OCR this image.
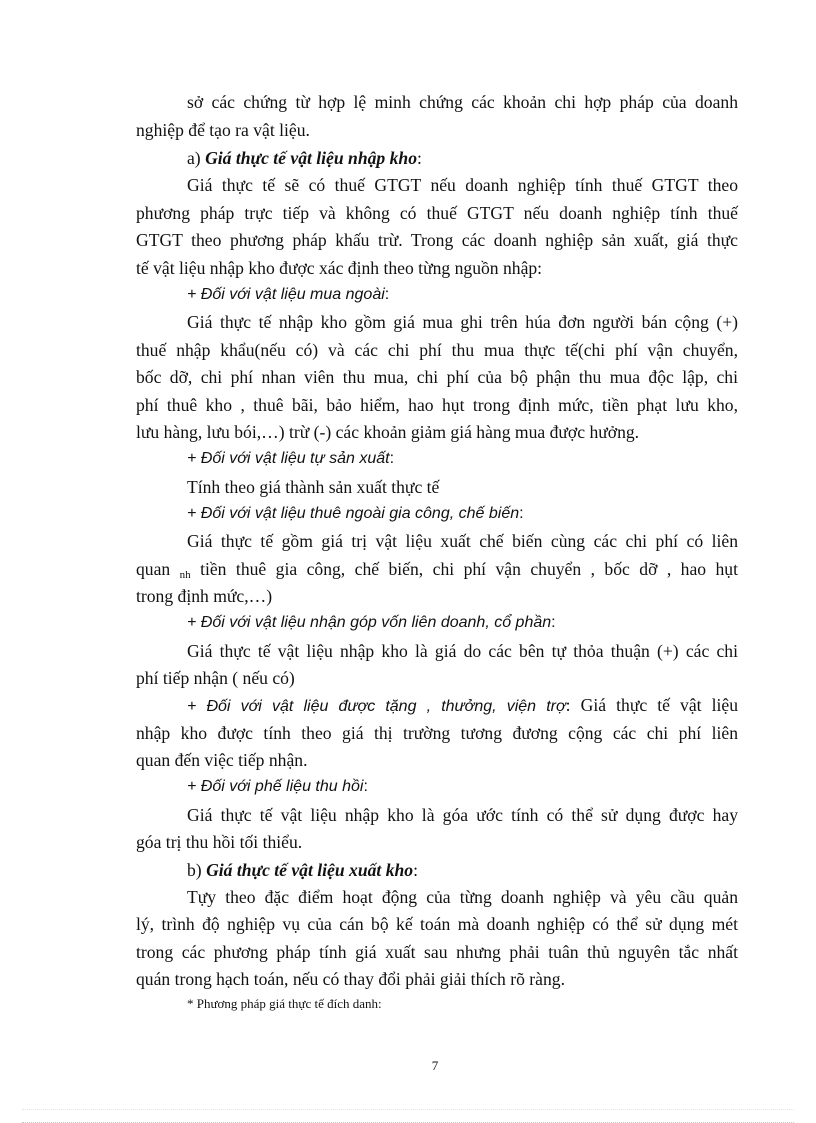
sở các chứng từ hợp lệ minh chứng các khoản chi hợp pháp của doanh
nghiệp để tạo ra vật liệu.
a) Giá thực tế vật liệu nhập kho:
Giá thực tế sẽ có thuế GTGT nếu doanh nghiệp tính thuế GTGT theo
phương pháp trực tiếp và không có thuế GTGT nếu doanh nghiệp tính thuế
GTGT theo phương pháp khấu trừ. Trong các doanh nghiệp sản xuất, giá thực
tế vật liệu nhập kho được xác định theo từng nguồn nhập:
+ Đối với vật liệu mua ngoài:
Giá thực tế nhập kho gồm giá mua ghi trên húa đơn người bán cộng (+)
thuế nhập khẩu(nếu có) và các chi phí thu mua thực tế(chi phí vận chuyển,
bốc dỡ, chi phí nhan viên thu mua, chi phí của bộ phận thu mua độc lập, chi
phí thuê kho , thuê bãi, bảo hiểm, hao hụt trong định mức, tiền phạt lưu kho,
lưu hàng, lưu bói,…) trừ (-) các khoản giảm giá hàng mua được hưởng.
+ Đối với vật liệu tự sản xuất:
Tính theo giá thành sản xuất thực tế
+ Đối với vật liệu thuê ngoài gia công, chế biến:
Giá thực tế gồm giá trị vật liệu xuất chế biến cùng các chi phí có liên
quan nh tiền thuê gia công, chế biến, chi phí vận chuyển , bốc dỡ , hao hụt
trong định mức,…)
+ Đối với vật liệu nhận góp vốn liên doanh, cổ phần:
Giá thực tế vật liệu nhập kho là giá do các bên tự thỏa thuận (+) các chi
phí tiếp nhận ( nếu có)
+ Đối với vật liệu được tặng , thưởng, viện trợ: Giá thực tế vật liệu
nhập kho được tính theo giá thị trường tương đương cộng các chi phí liên
quan đến việc tiếp nhận.
+ Đối với phế liệu thu hồi:
Giá thực tế vật liệu nhập kho là góa ước tính có thể sử dụng được hay
góa trị thu hồi tối thiểu.
b) Giá thực tế vật liệu xuất kho:
Tựy theo đặc điểm hoạt động của từng doanh nghiệp và yêu cầu quản
lý, trình độ nghiệp vụ của cán bộ kế toán mà doanh nghiệp có thể sử dụng mét
trong các phương pháp tính giá xuất sau nhưng phải tuân thủ nguyên tắc nhất
quán trong hạch toán, nếu có thay đổi phải giải thích rõ ràng.
* Phương pháp giá thực tế đích danh:
7
